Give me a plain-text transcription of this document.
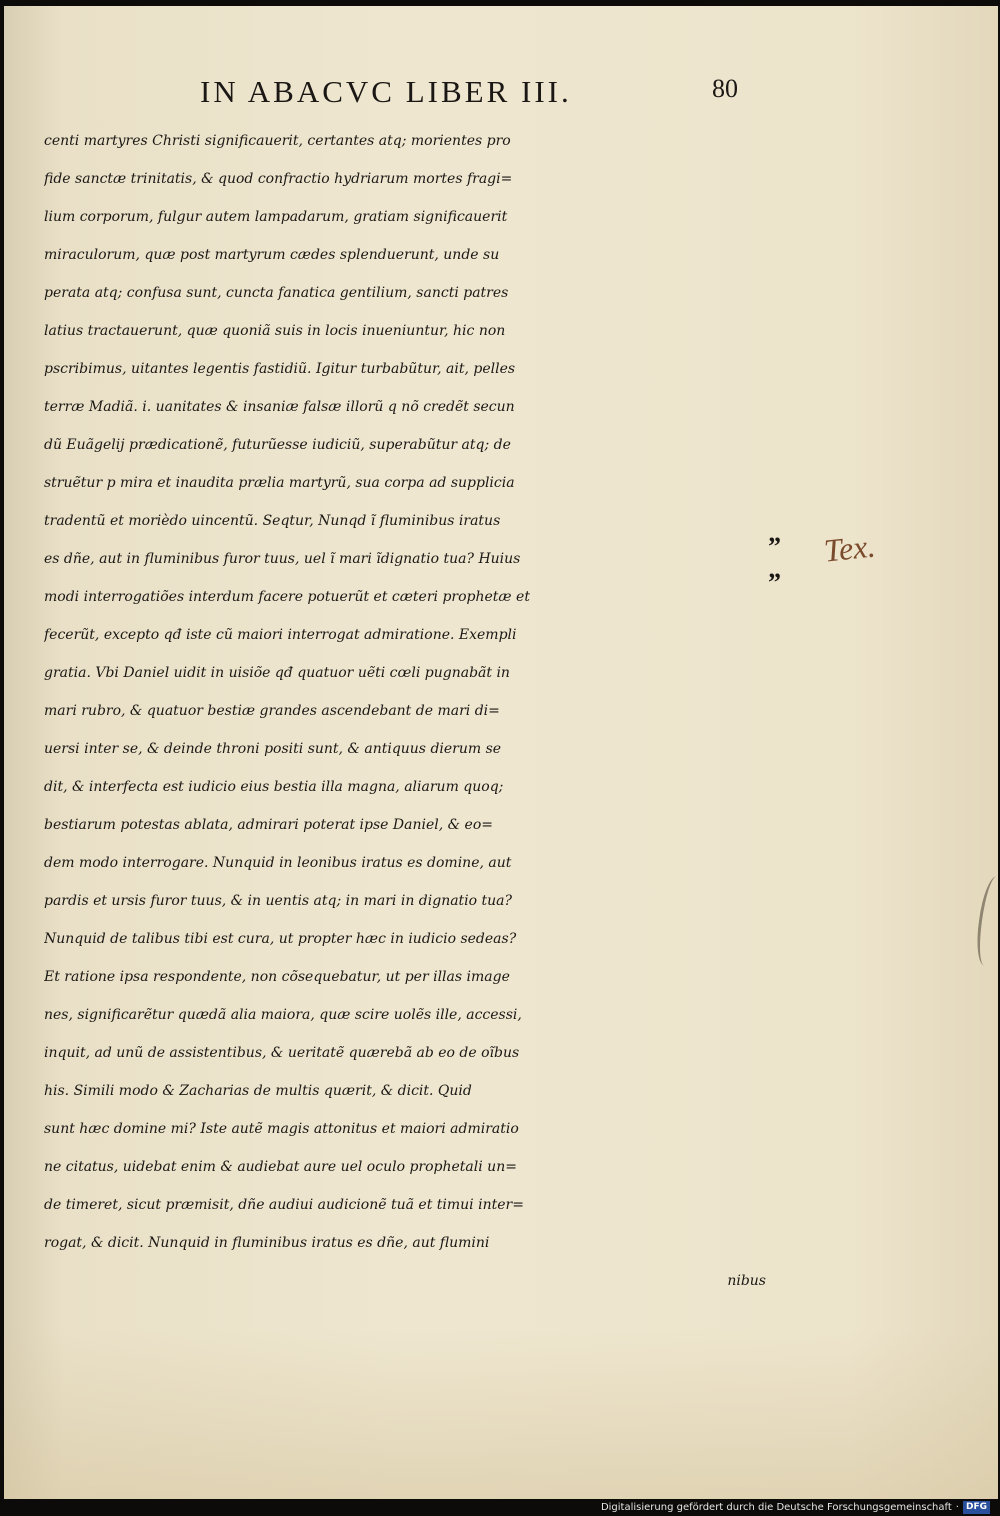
IN ABACVC LIBER III.	80
centi martyres Christi significauerit, certantes atq; morientes pro
fide sanctæ trinitatis, & quod confractio hydriarum mortes fragi=
lium corporum, fulgur autem lampadarum, gratiam significauerit
miraculorum, quæ post martyrum cædes splenduerunt, unde su
perata atq; confusa sunt, cuncta fanatica gentilium, sancti patres
latius tractauerunt, quæ quoniã suis in locis inueniuntur, hic non
pscribimus, uitantes legentis fastidiũ. Igitur turbabũtur, ait, pelles
terræ Madiã. i. uanitates & insaniæ falsæ illorũ q nõ credẽt secun
dũ Euãgelij prædicationẽ, futurũesse iudiciũ, superabũtur atq; de
struẽtur p mira et inaudita prælia martyrũ, sua corpa ad supplicia
tradentũ et morièdo uincentũ. Seqtur, Nunqd ĩ fluminibus iratus
es dñe, aut in fluminibus furor tuus, uel ĩ mari ĩdignatio tua? Huius
modi interrogatiões interdum facere potuerũt et cæteri prophetæ et
fecerũt, excepto qđ iste cũ maiori interrogat admiratione. Exempli
gratia. Vbi Daniel uidit in uisiõe qđ quatuor uẽti cœli pugnabãt in
mari rubro, & quatuor bestiæ grandes ascendebant de mari di=
uersi inter se, & deinde throni positi sunt, & antiquus dierum se
dit, & interfecta est iudicio eius bestia illa magna, aliarum quoq;
bestiarum potestas ablata, admirari poterat ipse Daniel, & eo=
dem modo interrogare. Nunquid in leonibus iratus es domine, aut
pardis et ursis furor tuus, & in uentis atq; in mari in dignatio tua?
Nunquid de talibus tibi est cura, ut propter hæc in iudicio sedeas?
Et ratione ipsa respondente, non cõsequebatur, ut per illas image
nes, significarẽtur quædã alia maiora, quæ scire uolẽs ille, accessi,
inquit, ad unũ de assistentibus, & ueritatẽ quærebã ab eo de oĩbus
his. Simili modo & Zacharias de multis quærit, & dicit. Quid
sunt hæc domine mi? Iste autẽ magis attonitus et maiori admiratio
ne citatus, uidebat enim & audiebat aure uel oculo prophetali un=
de timeret, sicut præmisit, dñe audiui audicionẽ tuã et timui inter=
rogat, & dicit. Nunquid in fluminibus iratus es dñe, aut flumini
nibus
”
”
Tex.
Digitalisierung gefördert durch die Deutsche Forschungsgemeinschaft · DFG
